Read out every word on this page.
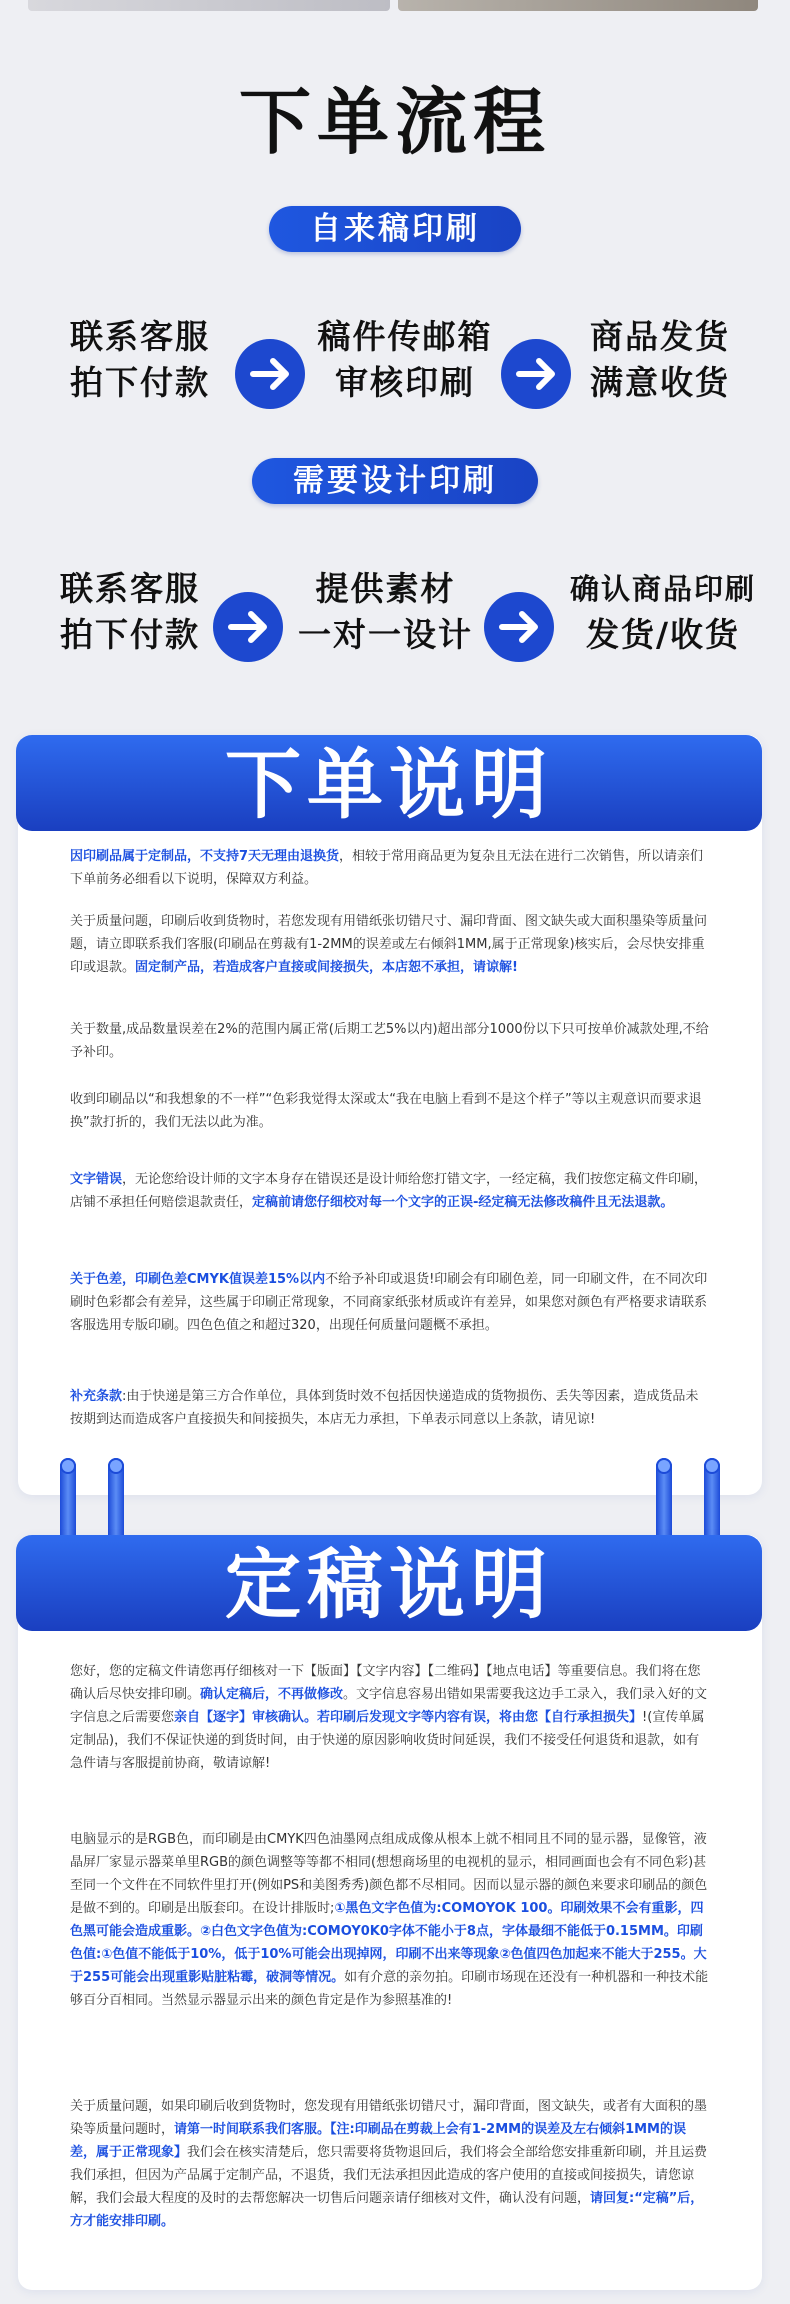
下单流程
自来稿印刷
联系客服
拍下付款
稿件传邮箱
审核印刷
商品发货
满意收货
需要设计印刷
联系客服
拍下付款
提供素材
一对一设计
确认商品印刷
发货/收货
下单说明

因印刷品属于定制品，不支持7天无理由退换货，相较于常用商品更为复杂且无法在进行二次销售，所以请亲们下单前务必细看以下说明，保障双方利益。

关于质量问题，印刷后收到货物时，若您发现有用错纸张切错尺寸、漏印背面、图文缺失或大面积墨染等质量问题，请立即联系我们客服(印刷品在剪裁有1-2MM的误差或左右倾斜1MM,属于正常现象)核实后，会尽快安排重印或退款。固定制产品，若造成客户直接或间接损失，本店恕不承担，请谅解!

关于数量,成品数量误差在2%的范围内属正常(后期工艺5%以内)超出部分1000份以下只可按单价减款处理,不给予补印。

收到印刷品以“和我想象的不一样”“色彩我觉得太深或太“我在电脑上看到不是这个样子”等以主观意识而要求退换”款打折的，我们无法以此为准。

文字错误，无论您给设计师的文字本身存在错误还是设计师给您打错文字，一经定稿，我们按您定稿文件印刷，店铺不承担任何赔偿退款责任，定稿前请您仔细校对每一个文字的正误-经定稿无法修改稿件且无法退款。

关于色差，印刷色差CMYK值误差15%以内不给予补印或退货!印刷会有印刷色差，同一印刷文件，在不同次印刷时色彩都会有差异，这些属于印刷正常现象，不同商家纸张材质或许有差异，如果您对颜色有严格要求请联系客服选用专版印刷。四色色值之和超过320，出现任何质量问题概不承担。

补充条款:由于快递是第三方合作单位，具体到货时效不包括因快递造成的货物损伤、丢失等因素，造成货品未按期到达而造成客户直接损失和间接损失，本店无力承担，下单表示同意以上条款，请见谅!

定稿说明

您好，您的定稿文件请您再仔细核对一下【版面】【文字内容】【二维码】【地点电话】等重要信息。我们将在您确认后尽快安排印刷。确认定稿后，不再做修改。文字信息容易出错如果需要我这边手工录入，我们录入好的文字信息之后需要您亲自【逐字】审核确认。若印刷后发现文字等内容有误，将由您【自行承担损失】!(宣传单属定制品)，我们不保证快递的到货时间，由于快递的原因影响收货时间延误，我们不接受任何退货和退款，如有急件请与客服提前协商，敬请谅解!

电脑显示的是RGB色，而印刷是由CMYK四色油墨网点组成成像从根本上就不相同且不同的显示器，显像管，液晶屏厂家显示器菜单里RGB的颜色调整等等都不相同(想想商场里的电视机的显示，相同画面也会有不同色彩)甚至同一个文件在不同软件里打开(例如PS和美图秀秀)颜色都不尽相同。因而以显示器的颜色来要求印刷品的颜色是做不到的。印刷是出版套印。在设计排版时;①黑色文字色值为:COMOYOK 100。印刷效果不会有重影，四色黑可能会造成重影。②白色文字色值为:COMOY0K0字体不能小于8点，字体最细不能低于0.15MM。印刷色值:①色值不能低于10%，低于10%可能会出现掉网，印刷不出来等现象②色值四色加起来不能大于255。大于255可能会出现重影贴脏粘霉，破洞等情况。如有介意的亲勿拍。印刷市场现在还没有一种机器和一种技术能够百分百相同。当然显示器显示出来的颜色肯定是作为参照基准的!

关于质量问题，如果印刷后收到货物时，您发现有用错纸张切错尺寸，漏印背面，图文缺失，或者有大面积的墨染等质量问题时，请第一时间联系我们客服。【注:印刷品在剪裁上会有1-2MM的误差及左右倾斜1MM的误差，属于正常现象】我们会在核实清楚后，您只需要将货物退回后，我们将会全部给您安排重新印刷，并且运费我们承担，但因为产品属于定制产品，不退货，我们无法承担因此造成的客户使用的直接或间接损失，请您谅解，我们会最大程度的及时的去帮您解决一切售后问题亲请仔细核对文件，确认没有问题，请回复:“定稿”后，方才能安排印刷。
